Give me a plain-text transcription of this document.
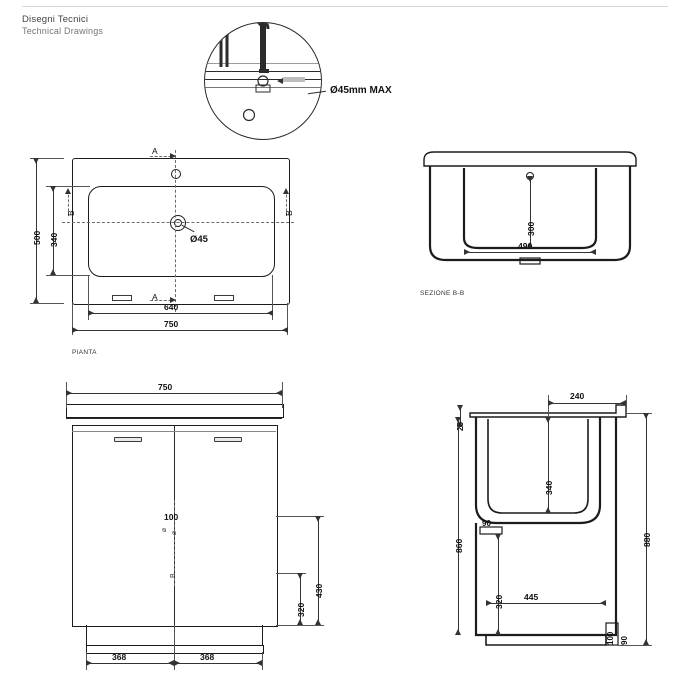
Disegni Tecnici
Technical Drawings
Ø45mm MAX
A
A
B	B
Ø45
640
750
500 340
PIANTA
300
490
SEZIONE B-B
750
368	368
100
⌀
⌀
B
430
320
240
25
340
90
860	880
320 445
100 90
